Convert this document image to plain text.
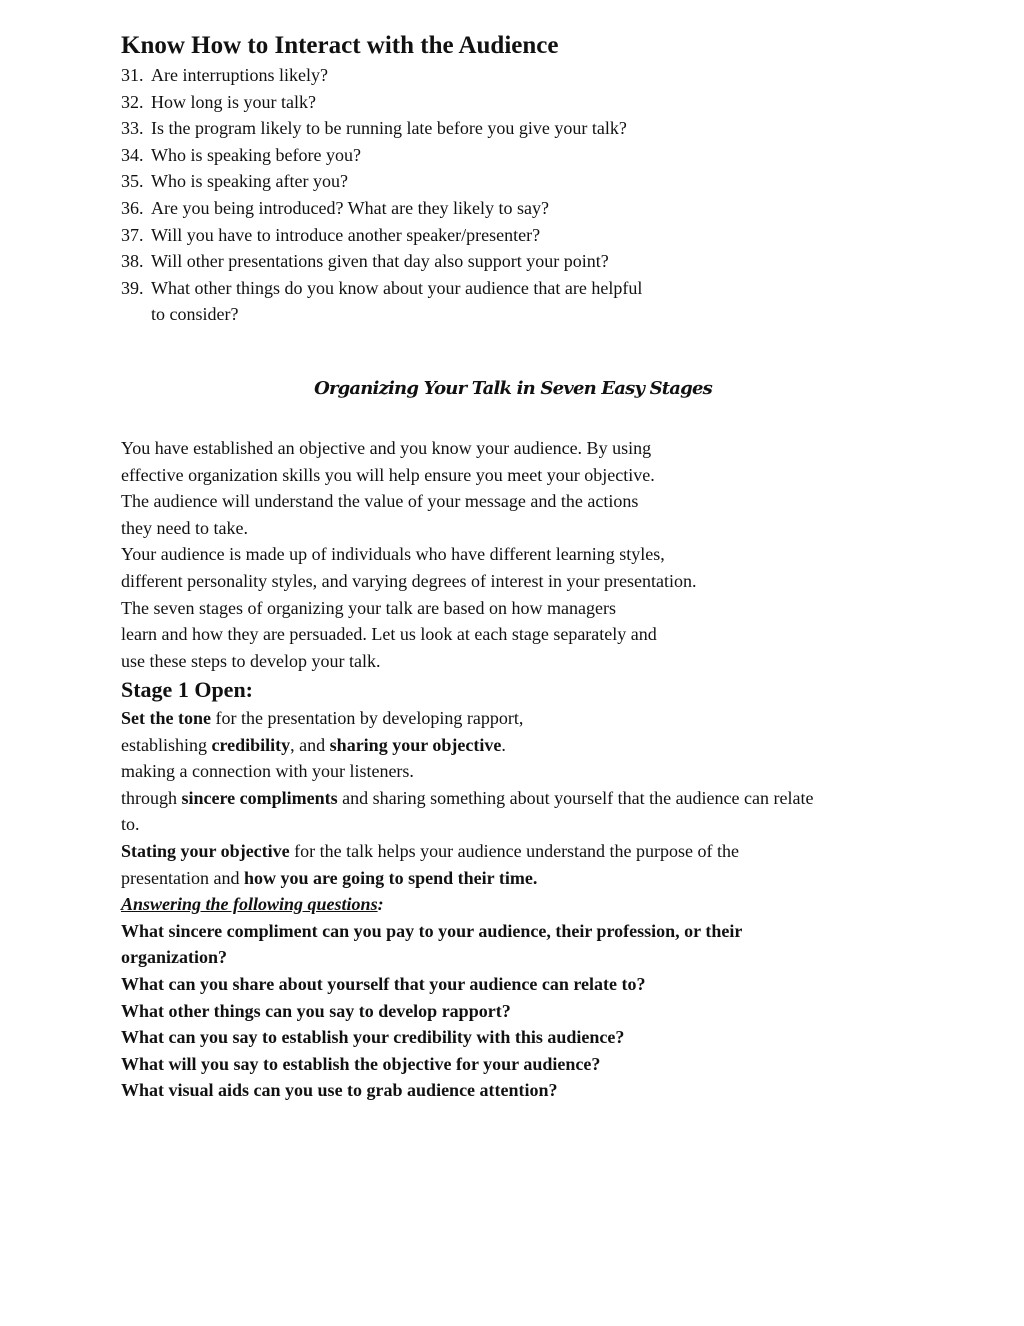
Know How to Interact with the Audience
31. Are interruptions likely?
32. How long is your talk?
33. Is the program likely to be running late before you give your talk?
34. Who is speaking before you?
35. Who is speaking after you?
36. Are you being introduced? What are they likely to say?
37. Will you have to introduce another speaker/presenter?
38. Will other presentations given that day also support your point?
39. What other things do you know about your audience that are helpful
to consider?
Organizing Your Talk in Seven Easy Stages
You have established an objective and you know your audience. By using
effective organization skills you will help ensure you meet your objective.
The audience will understand the value of your message and the actions
they need to take.
Your audience is made up of individuals who have different learning styles,
different personality styles, and varying degrees of interest in your presentation.
The seven stages of organizing your talk are based on how managers
learn and how they are persuaded. Let us look at each stage separately and
use these steps to develop your talk.
Stage 1 Open:
Set the tone for the presentation by developing rapport,
establishing credibility, and sharing your objective.
making a connection with your listeners.
through sincere compliments and sharing something about yourself that the audience can relate
to.
Stating your objective for the talk helps your audience understand the purpose of the
presentation and how you are going to spend their time.
Answering the following questions:
What sincere compliment can you pay to your audience, their profession, or their
organization?
What can you share about yourself that your audience can relate to?
What other things can you say to develop rapport?
What can you say to establish your credibility with this audience?
What will you say to establish the objective for your audience?
What visual aids can you use to grab audience attention?
